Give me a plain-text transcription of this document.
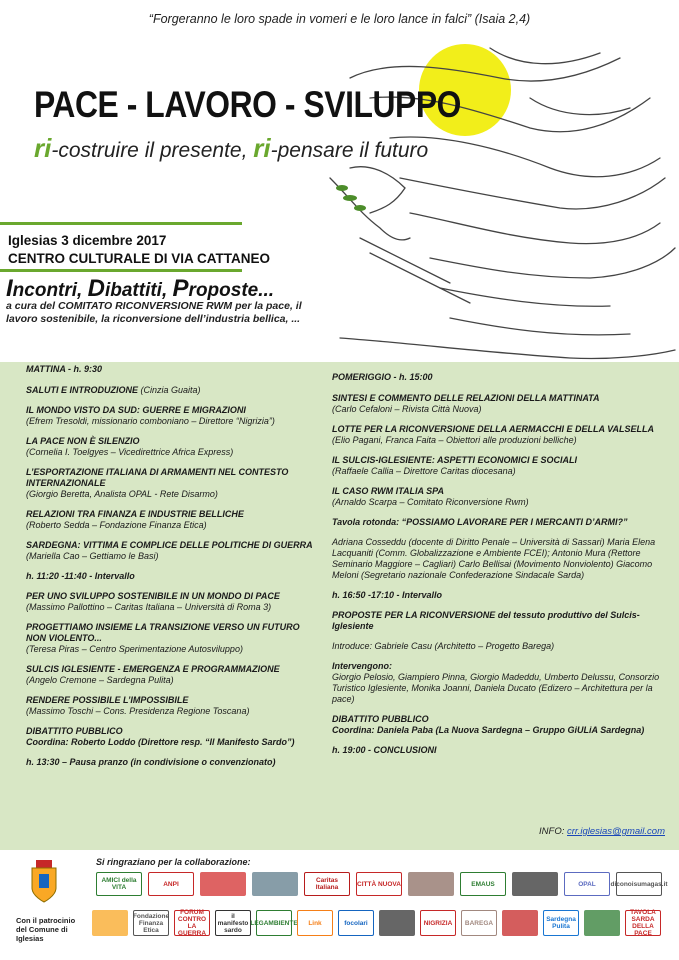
“Forgeranno le loro spade in vomeri e le loro lance in falci” (Isaia 2,4)
PACE - LAVORO - SVILUPPO
ri-costruire il presente, ri-pensare il futuro
Iglesias 3 dicembre 2017
CENTRO CULTURALE DI VIA CATTANEO
Incontri, Dibattiti, Proposte...
a cura del COMITATO RICONVERSIONE RWM per la pace, il lavoro sostenibile, la riconversione dell’industria bellica, ...
MATTINA - h. 9:30
SALUTI E INTRODUZIONE (Cinzia Guaita)
IL MONDO VISTO DA SUD: GUERRE E MIGRAZIONI
(Efrem Tresoldi, missionario comboniano – Direttore “Nigrizia”)
LA PACE NON È SILENZIO
(Cornelia I. Toelgyes – Vicedirettrice Africa Express)
L’ESPORTAZIONE ITALIANA DI ARMAMENTI NEL CONTESTO INTERNAZIONALE
(Giorgio Beretta, Analista OPAL - Rete Disarmo)
RELAZIONI TRA FINANZA E INDUSTRIE BELLICHE
(Roberto Sedda – Fondazione Finanza Etica)
SARDEGNA: VITTIMA E COMPLICE DELLE POLITICHE DI GUERRA
(Mariella Cao – Gettiamo le Basi)
h. 11:20 -11:40 - Intervallo
PER UNO SVILUPPO SOSTENIBILE IN UN MONDO DI PACE
(Massimo Pallottino – Caritas Italiana – Università di Roma 3)
PROGETTIAMO INSIEME LA TRANSIZIONE VERSO UN FUTURO NON VIOLENTO...
(Teresa Piras – Centro Sperimentazione Autosviluppo)
SULCIS IGLESIENTE - EMERGENZA E PROGRAMMAZIONE
(Angelo Cremone – Sardegna Pulita)
RENDERE POSSIBILE L’IMPOSSIBILE
(Massimo Toschi – Cons. Presidenza Regione Toscana)
DIBATTITO PUBBLICO
Coordina: Roberto Loddo (Direttore resp. “Il Manifesto Sardo”)
h. 13:30 – Pausa pranzo (in condivisione o convenzionato)
POMERIGGIO - h. 15:00
SINTESI E COMMENTO DELLE RELAZIONI DELLA MATTINATA
(Carlo Cefaloni – Rivista Città Nuova)
LOTTE PER LA RICONVERSIONE DELLA AERMACCHI E DELLA VALSELLA
(Elio Pagani, Franca Faita – Obiettori alle produzioni belliche)
IL SULCIS-IGLESIENTE: ASPETTI ECONOMICI E SOCIALI
(Raffaele Callia – Direttore Caritas diocesana)
IL CASO RWM ITALIA SPA
(Arnaldo Scarpa – Comitato Riconversione Rwm)
Tavola rotonda: “POSSIAMO LAVORARE PER I MERCANTI D’ARMI?”
Adriana Cosseddu (docente di Diritto Penale – Università di Sassari) Maria Elena Lacquaniti (Comm. Globalizzazione e Ambiente FCEI); Antonio Mura (Rettore Seminario Maggiore – Cagliari) Carlo Bellisai (Movimento Nonviolento) Giacomo Meloni (Segretario nazionale Confederazione Sindacale Sarda)
h. 16:50 -17:10 - Intervallo
PROPOSTE PER LA RICONVERSIONE del tessuto produttivo del Sulcis-Iglesiente
Introduce: Gabriele Casu (Architetto – Progetto Barega)
Intervengono:
Giorgio Pelosio, Giampiero Pinna, Giorgio Madeddu, Umberto Delussu, Consorzio Turistico Iglesiente, Monika Joanni, Daniela Ducato (Edizero – Architettura per la pace)
DIBATTITO PUBBLICO
Coordina: Daniela Paba (La Nuova Sardegna – Gruppo GiULiA Sardegna)
h. 19:00 - CONCLUSIONI
INFO: crr.iglesias@gmail.com
Si ringraziano per la collaborazione:
Con il patrocinio del Comune di Iglesias
AMICI della VITA	ANPI	Caritas Italiana	CITTÀ NUOVA	EMAUS	OPAL	diconoisumagas.it
Fondazione Finanza Etica
FORUM CONTRO LA GUERRA
il manifesto sardo
LEGAMBIENTE	Link	focolari	NIGRIZIA	BAREGA	Sardegna Pulita
TAVOLA SARDA DELLA PACE
